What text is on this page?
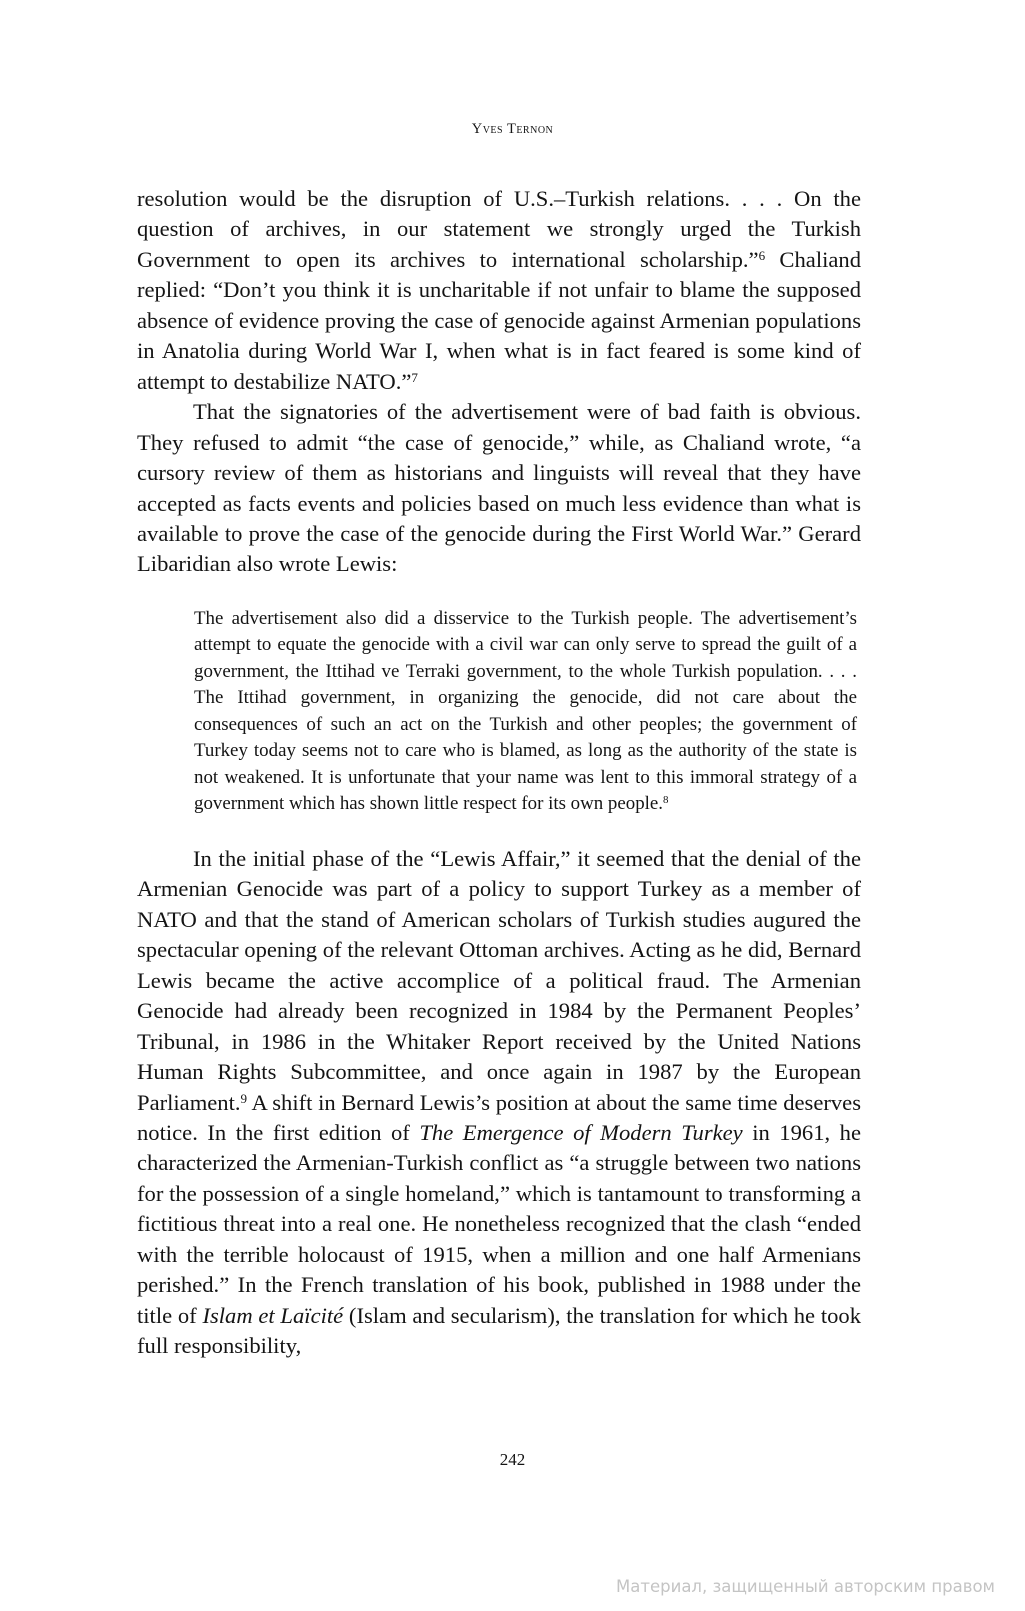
Yves Ternon

resolution would be the disruption of U.S.–Turkish relations. . . . On the question of archives, in our statement we strongly urged the Turkish Government to open its archives to international scholarship.”$^6$ Chaliand replied: “Don’t you think it is uncharitable if not unfair to blame the supposed absence of evidence proving the case of genocide against Armenian populations in Anatolia during World War I, when what is in fact feared is some kind of attempt to destabilize NATO.”$^7$

That the signatories of the advertisement were of bad faith is obvious. They refused to admit “the case of genocide,” while, as Chaliand wrote, “a cursory review of them as historians and linguists will reveal that they have accepted as facts events and policies based on much less evidence than what is available to prove the case of the genocide during the First World War.” Gerard Libaridian also wrote Lewis:

The advertisement also did a disservice to the Turkish people. The advertisement’s attempt to equate the genocide with a civil war can only serve to spread the guilt of a government, the Ittihad ve Terraki government, to the whole Turkish population. . . . The Ittihad government, in organizing the genocide, did not care about the consequences of such an act on the Turkish and other peoples; the government of Turkey today seems not to care who is blamed, as long as the authority of the state is not weakened. It is unfortunate that your name was lent to this immoral strategy of a government which has shown little respect for its own people.$^8$

In the initial phase of the “Lewis Affair,” it seemed that the denial of the Armenian Genocide was part of a policy to support Turkey as a member of NATO and that the stand of American scholars of Turkish studies augured the spectacular opening of the relevant Ottoman archives. Acting as he did, Bernard Lewis became the active accomplice of a political fraud. The Armenian Genocide had already been recognized in 1984 by the Permanent Peoples’ Tribunal, in 1986 in the Whitaker Report received by the United Nations Human Rights Subcommittee, and once again in 1987 by the European Parliament.$^9$ A shift in Bernard Lewis’s position at about the same time deserves notice. In the first edition of The Emergence of Modern Turkey in 1961, he characterized the Armenian-Turkish conflict as “a struggle between two nations for the possession of a single homeland,” which is tantamount to transforming a fictitious threat into a real one. He nonetheless recognized that the clash “ended with the terrible holocaust of 1915, when a million and one half Armenians perished.” In the French translation of his book, published in 1988 under the title of Islam et Laïcité (Islam and secularism), the translation for which he took full responsibility,

242
Материал, защищенный авторским правом
